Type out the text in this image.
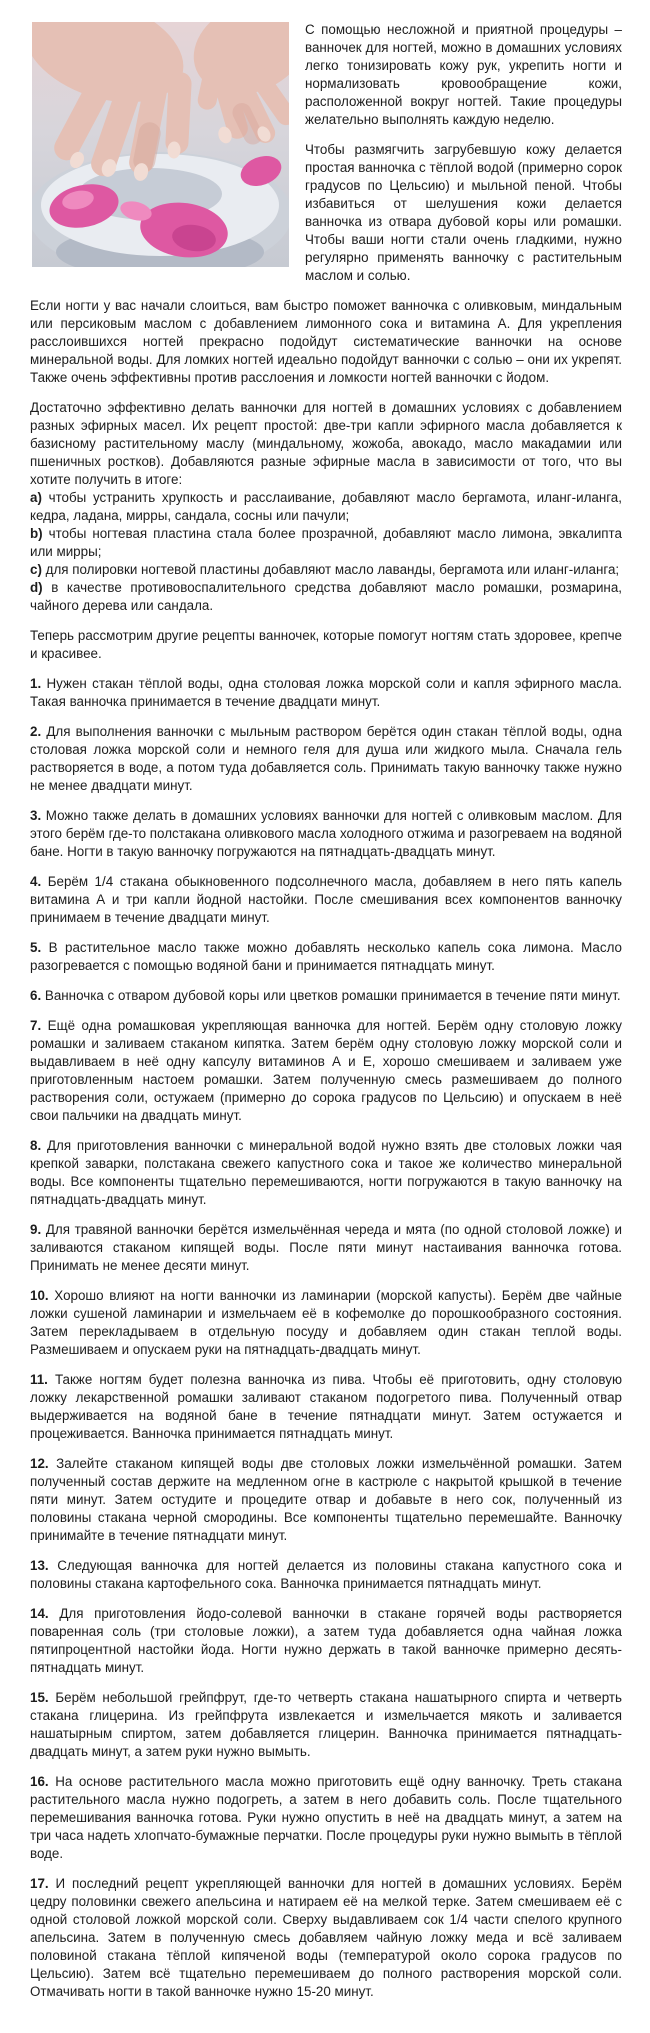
С помощью несложной и приятной процедуры – ванночек для ногтей, можно в домашних условиях легко тонизировать кожу рук, укрепить ногти и нормализовать кровообращение кожи, расположенной вокруг ногтей. Такие процедуры желательно выполнять каждую неделю.

Чтобы размягчить загрубевшую кожу делается простая ванночка с тёплой водой (примерно сорок градусов по Цельсию) и мыльной пеной. Чтобы избавиться от шелушения кожи делается ванночка из отвара дубовой коры или ромашки. Чтобы ваши ногти стали очень гладкими, нужно регулярно применять ванночку с растительным маслом и солью.

Если ногти у вас начали слоиться, вам быстро поможет ванночка с оливковым, миндальным или персиковым маслом с добавлением лимонного сока и витамина А. Для укрепления расслоившихся ногтей прекрасно подойдут систематические ванночки на основе минеральной воды. Для ломких ногтей идеально подойдут ванночки с солью – они их укрепят. Также очень эффективны против расслоения и ломкости ногтей ванночки с йодом.

Достаточно эффективно делать ванночки для ногтей в домашних условиях с добавлением разных эфирных масел. Их рецепт простой: две-три капли эфирного масла добавляется к базисному растительному маслу (миндальному, жожоба, авокадо, масло макадамии или пшеничных ростков). Добавляются разные эфирные масла в зависимости от того, что вы хотите получить в итоге:

a) чтобы устранить хрупкость и расслаивание, добавляют масло бергамота, иланг-иланга, кедра, ладана, мирры, сандала, сосны или пачули;

b) чтобы ногтевая пластина стала более прозрачной, добавляют масло лимона, эвкалипта или мирры;

c) для полировки ногтевой пластины добавляют масло лаванды, бергамота или иланг-иланга;

d) в качестве противовоспалительного средства добавляют масло ромашки, розмарина, чайного дерева или сандала.

Теперь рассмотрим другие рецепты ванночек, которые помогут ногтям стать здоровее, крепче и красивее.

1. Нужен стакан тёплой воды, одна столовая ложка морской соли и капля эфирного масла. Такая ванночка принимается в течение двадцати минут.

2. Для выполнения ванночки с мыльным раствором берётся один стакан тёплой воды, одна столовая ложка морской соли и немного геля для душа или жидкого мыла. Сначала гель растворяется в воде, а потом туда добавляется соль. Принимать такую ванночку также нужно не менее двадцати минут.

3. Можно также делать в домашних условиях ванночки для ногтей с оливковым маслом. Для этого берём где-то полстакана оливкового масла холодного отжима и разогреваем на водяной бане. Ногти в такую ванночку погружаются на пятнадцать-двадцать минут.

4. Берём 1/4 стакана обыкновенного подсолнечного масла, добавляем в него пять капель витамина А и три капли йодной настойки. После смешивания всех компонентов ванночку принимаем в течение двадцати минут.

5. В растительное масло также можно добавлять несколько капель сока лимона. Масло разогревается с помощью водяной бани и принимается пятнадцать минут.

6. Ванночка с отваром дубовой коры или цветков ромашки принимается в течение пяти минут.

7. Ещё одна ромашковая укрепляющая ванночка для ногтей. Берём одну столовую ложку ромашки и заливаем стаканом кипятка. Затем берём одну столовую ложку морской соли и выдавливаем в неё одну капсулу витаминов А и Е, хорошо смешиваем и заливаем уже приготовленным настоем ромашки. Затем полученную смесь размешиваем до полного растворения соли, остужаем (примерно до сорока градусов по Цельсию) и опускаем в неё свои пальчики на двадцать минут.

8. Для приготовления ванночки с минеральной водой нужно взять две столовых ложки чая крепкой заварки, полстакана свежего капустного сока и такое же количество минеральной воды. Все компоненты тщательно перемешиваются, ногти погружаются в такую ванночку на пятнадцать-двадцать минут.

9. Для травяной ванночки берётся измельчённая череда и мята (по одной столовой ложке) и заливаются стаканом кипящей воды. После пяти минут настаивания ванночка готова. Принимать не менее десяти минут.

10. Хорошо влияют на ногти ванночки из ламинарии (морской капусты). Берём две чайные ложки сушеной ламинарии и измельчаем её в кофемолке до порошкообразного состояния. Затем перекладываем в отдельную посуду и добавляем один стакан теплой воды. Размешиваем и опускаем руки на пятнадцать-двадцать минут.

11. Также ногтям будет полезна ванночка из пива. Чтобы её приготовить, одну столовую ложку лекарственной ромашки заливают стаканом подогретого пива. Полученный отвар выдерживается на водяной бане в течение пятнадцати минут. Затем остужается и процеживается. Ванночка принимается пятнадцать минут.

12. Залейте стаканом кипящей воды две столовых ложки измельчённой ромашки. Затем полученный состав держите на медленном огне в кастрюле с накрытой крышкой в течение пяти минут. Затем остудите и процедите отвар и добавьте в него сок, полученный из половины стакана черной смородины. Все компоненты тщательно перемешайте. Ванночку принимайте в течение пятнадцати минут.

13. Следующая ванночка для ногтей делается из половины стакана капустного сока и половины стакана картофельного сока. Ванночка принимается пятнадцать минут.

14. Для приготовления йодо-солевой ванночки в стакане горячей воды растворяется поваренная соль (три столовые ложки), а затем туда добавляется одна чайная ложка пятипроцентной настойки йода. Ногти нужно держать в такой ванночке примерно десять-пятнадцать минут.

15. Берём небольшой грейпфрут, где-то четверть стакана нашатырного спирта и четверть стакана глицерина. Из грейпфрута извлекается и измельчается мякоть и заливается нашатырным спиртом, затем добавляется глицерин. Ванночка принимается пятнадцать-двадцать минут, а затем руки нужно вымыть.

16. На основе растительного масла можно приготовить ещё одну ванночку. Треть стакана растительного масла нужно подогреть, а затем в него добавить соль. После тщательного перемешивания ванночка готова. Руки нужно опустить в неё на двадцать минут, а затем на три часа надеть хлопчато-бумажные перчатки. После процедуры руки нужно вымыть в тёплой воде.

17. И последний рецепт укрепляющей ванночки для ногтей в домашних условиях. Берём цедру половинки свежего апельсина и натираем её на мелкой терке. Затем смешиваем её с одной столовой ложкой морской соли. Сверху выдавливаем сок 1/4 части спелого крупного апельсина. Затем в полученную смесь добавляем чайную ложку меда и всё заливаем половиной стакана тёплой кипяченой воды (температурой около сорока градусов по Цельсию). Затем всё тщательно перемешиваем до полного растворения морской соли. Отмачивать ногти в такой ванночке нужно 15-20 минут.
